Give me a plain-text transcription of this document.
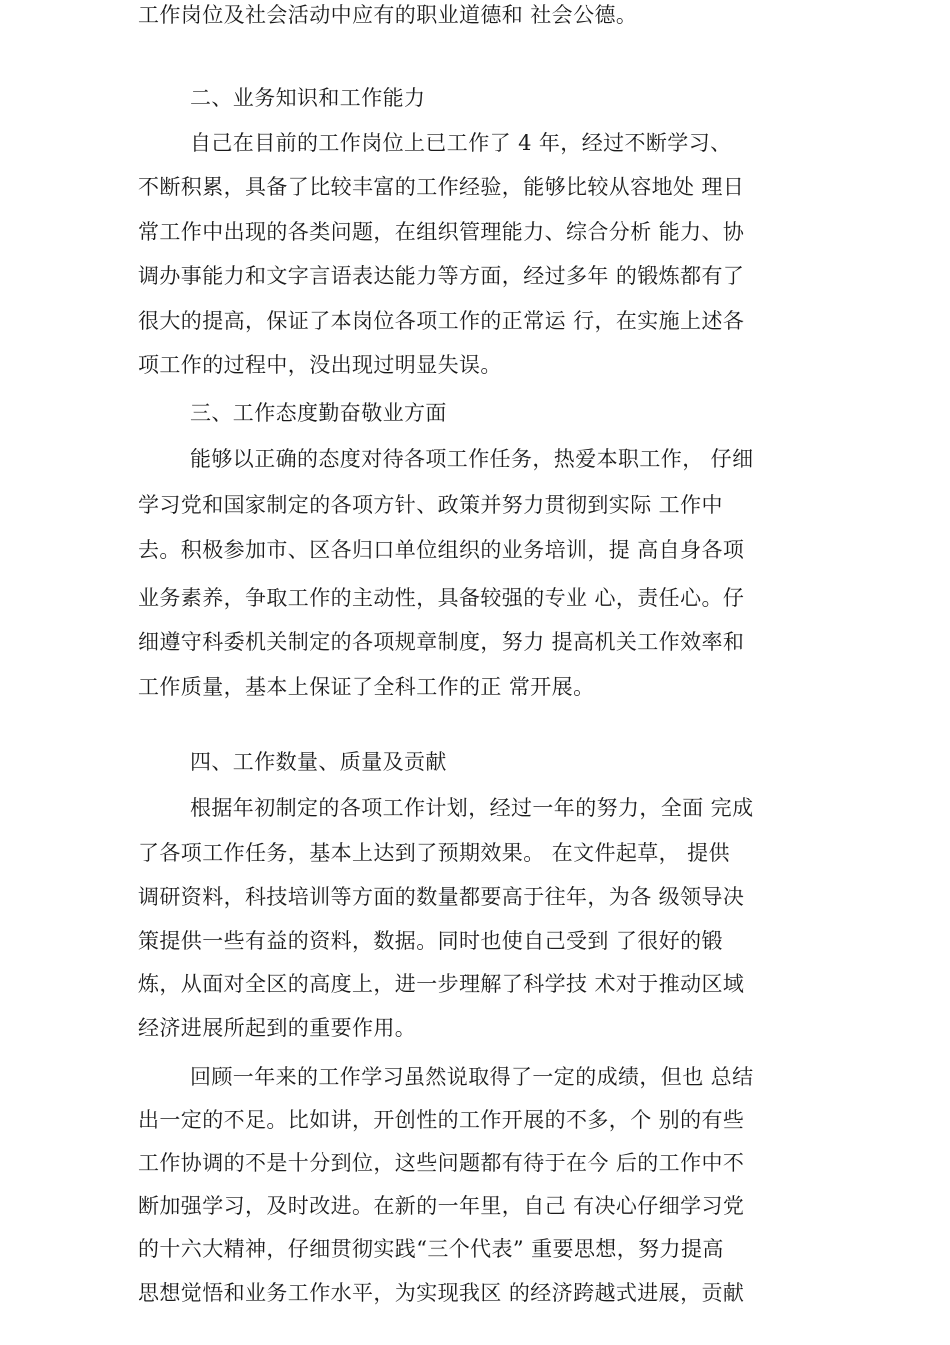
工作岗位及社会活动中应有的职业道德和 社会公德。
二、业务知识和工作能力
自己在目前的工作岗位上已工作了 4 年，经过不断学习、
不断积累，具备了比较丰富的工作经验，能够比较从容地处 理日
常工作中出现的各类问题，在组织管理能力、综合分析 能力、协
调办事能力和文字言语表达能力等方面，经过多年 的锻炼都有了
很大的提高，保证了本岗位各项工作的正常运 行，在实施上述各
项工作的过程中，没出现过明显失误。
三、工作态度勤奋敬业方面
能够以正确的态度对待各项工作任务，热爱本职工作， 仔细
学习党和国家制定的各项方针、政策并努力贯彻到实际 工作中
去。积极参加市、区各归口单位组织的业务培训，提 高自身各项
业务素养，争取工作的主动性，具备较强的专业 心，责任心。仔
细遵守科委机关制定的各项规章制度，努力 提高机关工作效率和
工作质量，基本上保证了全科工作的正 常开展。
四、工作数量、质量及贡献
根据年初制定的各项工作计划，经过一年的努力，全面 完成
了各项工作任务，基本上达到了预期效果。 在文件起草， 提供
调研资料，科技培训等方面的数量都要高于往年，为各 级领导决
策提供一些有益的资料，数据。同时也使自己受到 了很好的锻
炼，从面对全区的高度上，进一步理解了科学技 术对于推动区域
经济进展所起到的重要作用。
回顾一年来的工作学习虽然说取得了一定的成绩，但也 总结
出一定的不足。比如讲，开创性的工作开展的不多，个 别的有些
工作协调的不是十分到位，这些问题都有待于在今 后的工作中不
断加强学习，及时改进。在新的一年里，自己 有决心仔细学习党
的十六大精神，仔细贯彻实践“三个代表” 重要思想，努力提高
思想觉悟和业务工作水平，为实现我区 的经济跨越式进展，贡献
